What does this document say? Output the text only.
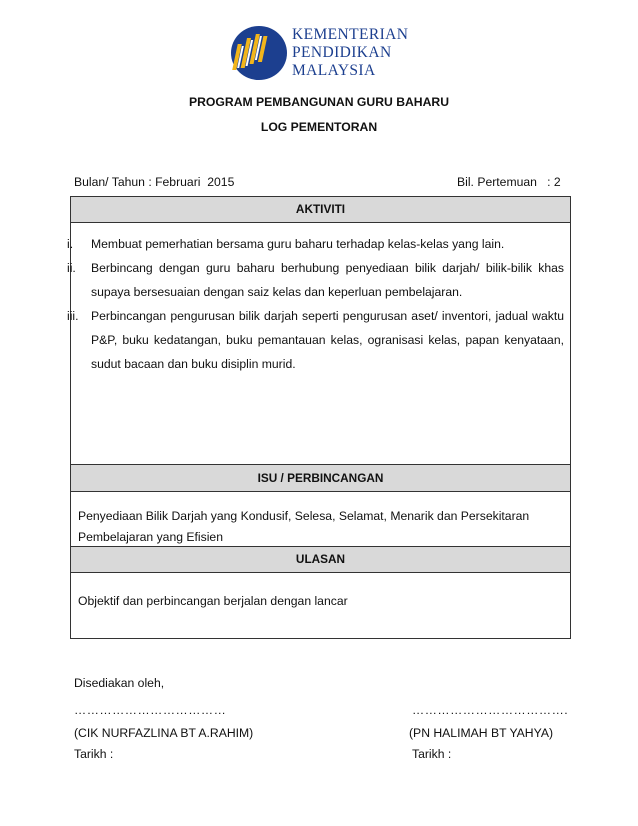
KEMENTERIAN
PENDIDIKAN
MALAYSIA
PROGRAM PEMBANGUNAN GURU BAHARU
LOG PEMENTORAN
Bulan/ Tahun : Februari  2015	Bil. Pertemuan   : 2
AKTIVITI
i.	Membuat pemerhatian bersama guru baharu terhadap kelas-kelas yang lain.
ii.	Berbincang dengan guru baharu berhubung penyediaan bilik darjah/ bilik-bilik khas supaya bersesuaian dengan saiz kelas dan keperluan pembelajaran.
iii.	Perbincangan pengurusan bilik darjah seperti pengurusan aset/ inventori, jadual waktu P&P, buku kedatangan, buku pemantauan kelas, ogranisasi kelas, papan kenyataan, sudut bacaan dan buku disiplin murid.
ISU / PERBINCANGAN
Penyediaan Bilik Darjah yang Kondusif, Selesa, Selamat, Menarik dan Persekitaran Pembelajaran yang Efisien
ULASAN
Objektif dan perbincangan berjalan dengan lancar
Disediakan oleh,
………………………………	……………………………….
(CIK NURFAZLINA BT A.RAHIM)	(PN HALIMAH BT YAHYA)
Tarikh :	Tarikh :
